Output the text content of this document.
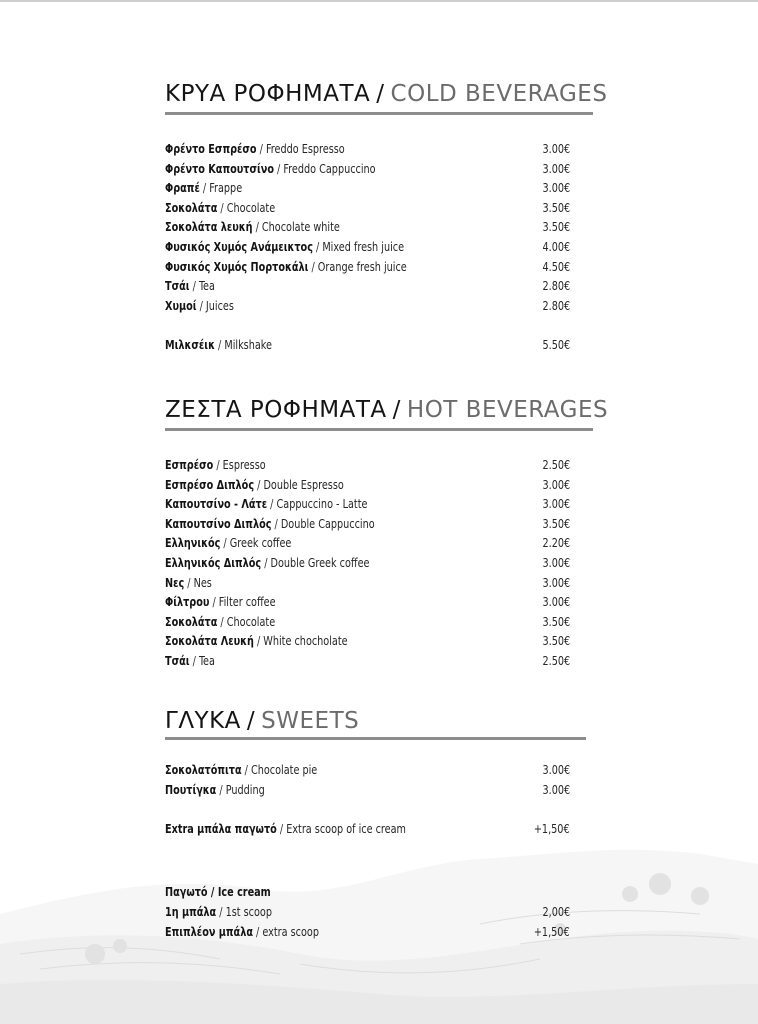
ΚΡΥΑ ΡΟΦΗΜΑΤΑ / COLD BEVERAGES
Φρέντο Εσπρέσο / Freddo Espresso	3.00€
Φρέντο Καπουτσίνο / Freddo Cappuccino	3.00€
Φραπέ / Frappe	3.00€
Σοκολάτα / Chocolate	3.50€
Σοκολάτα λευκή / Chocolate white	3.50€
Φυσικός Χυμός Ανάμεικτος / Mixed fresh juice	4.00€
Φυσικός Χυμός Πορτοκάλι / Orange fresh juice	4.50€
Τσάι / Tea	2.80€
Χυμοί / Juices	2.80€
Μιλκσέικ / Milkshake	5.50€
ΖΕΣΤΑ ΡΟΦΗΜΑΤΑ / HOT BEVERAGES
Εσπρέσο / Espresso	2.50€
Εσπρέσο Διπλός / Double Espresso	3.00€
Καπουτσίνο - Λάτε / Cappuccino - Latte	3.00€
Καπουτσίνο Διπλός / Double Cappuccino	3.50€
Ελληνικός / Greek coffee	2.20€
Ελληνικός Διπλός / Double Greek coffee	3.00€
Νες / Nes	3.00€
Φίλτρου / Filter coffee	3.00€
Σοκολάτα / Chocolate	3.50€
Σοκολάτα Λευκή / White chocholate	3.50€
Τσάι / Tea	2.50€
ΓΛΥΚΑ / SWEETS
Σοκολατόπιτα / Chocolate pie	3.00€
Πουτίγκα / Pudding	3.00€
Extra μπάλα παγωτό / Extra scoop of ice cream	+1,50€
Παγωτό / Ice cream
1η μπάλα / 1st scoop	2,00€
Επιπλέον μπάλα / extra scoop	+1,50€
